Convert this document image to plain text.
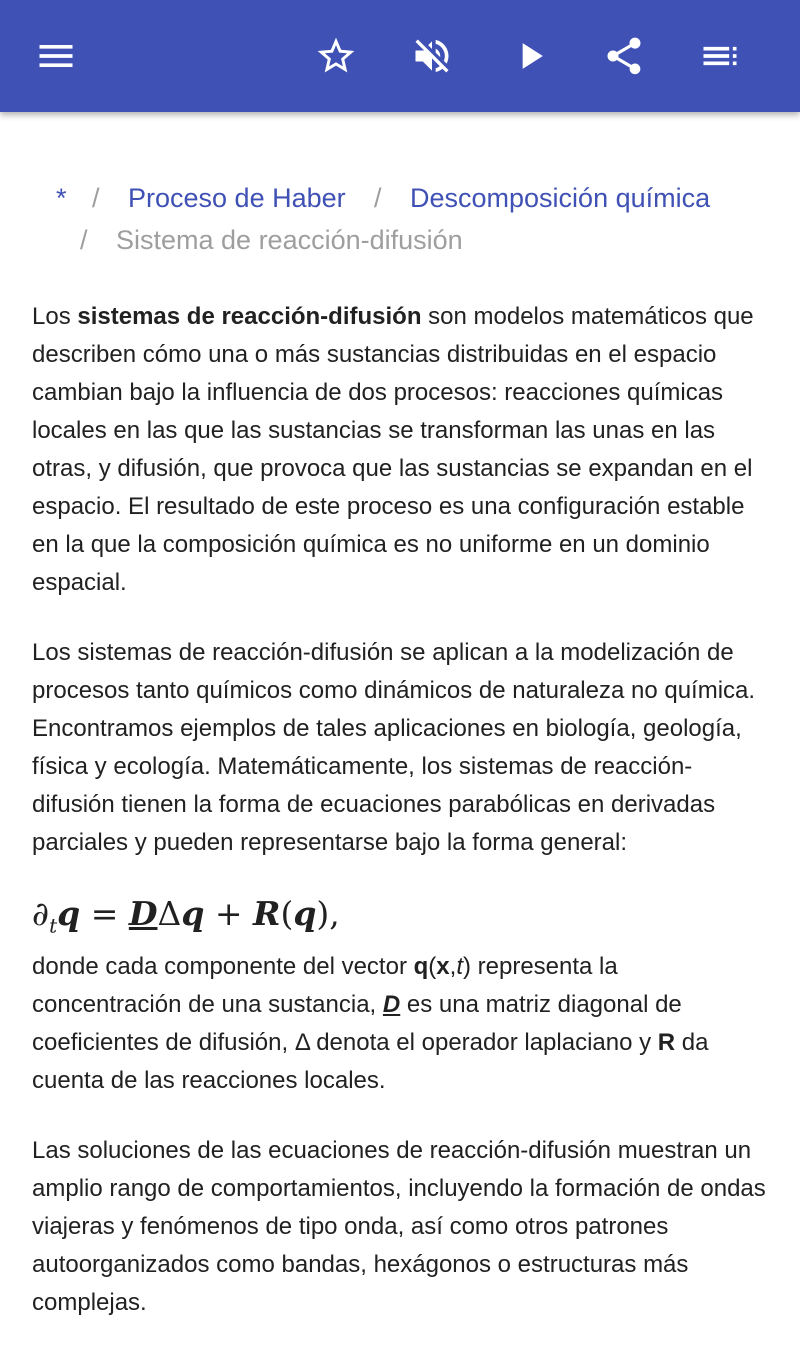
* / Proceso de Haber / Descomposición química
/ Sistema de reacción-difusión

Los sistemas de reacción-difusión son modelos matemáticos que describen cómo una o más sustancias distribuidas en el espacio cambian bajo la influencia de dos procesos: reacciones químicas locales en las que las sustancias se transforman las unas en las otras, y difusión, que provoca que las sustancias se expandan en el espacio. El resultado de este proceso es una configuración estable en la que la composición química es no uniforme en un dominio espacial.

Los sistemas de reacción-difusión se aplican a la modelización de procesos tanto químicos como dinámicos de naturaleza no química. Encontramos ejemplos de tales aplicaciones en biología, geología, física y ecología. Matemáticamente, los sistemas de reacción-difusión tienen la forma de ecuaciones parabólicas en derivadas parciales y pueden representarse bajo la forma general:

$\partial_tq = D\Delta q + R(q)$,

donde cada componente del vector q(x,t) representa la concentración de una sustancia, D es una matriz diagonal de coeficientes de difusión, Δ denota el operador laplaciano y R da cuenta de las reacciones locales.

Las soluciones de las ecuaciones de reacción-difusión muestran un amplio rango de comportamientos, incluyendo la formación de ondas viajeras y fenómenos de tipo onda, así como otros patrones autoorganizados como bandas, hexágonos o estructuras más complejas.
